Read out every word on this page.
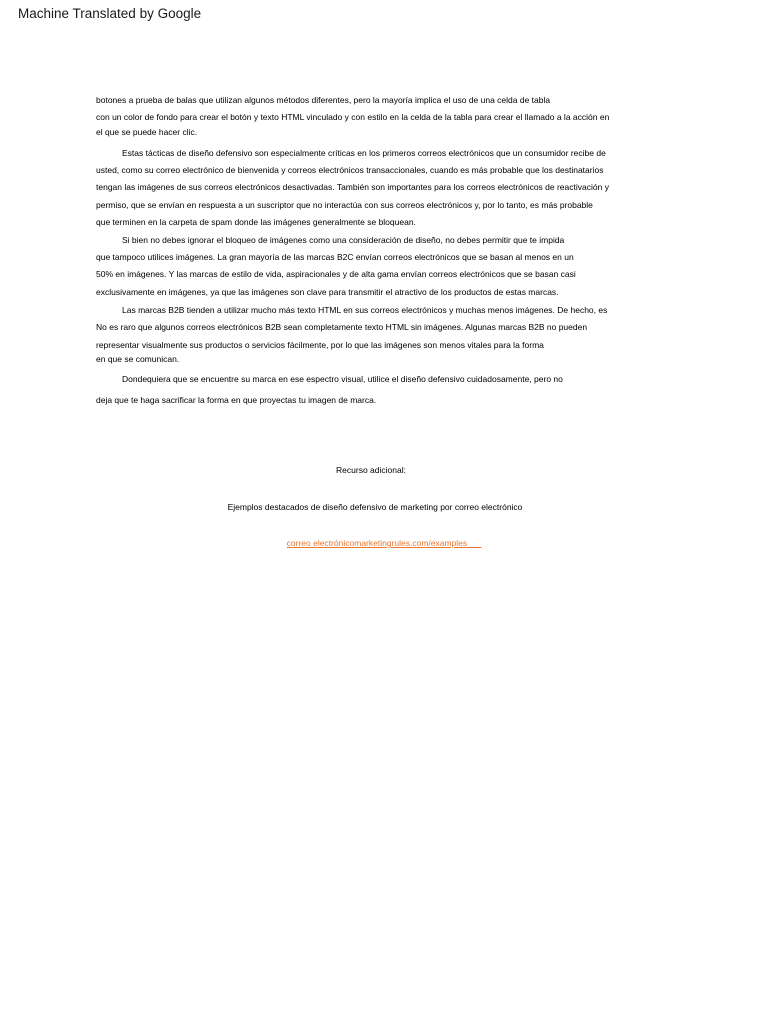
Machine Translated by Google
botones a prueba de balas que utilizan algunos métodos diferentes, pero la mayoría implica el uso de una celda de tabla
con un color de fondo para crear el botón y texto HTML vinculado y con estilo en la celda de la tabla para crear el llamado a la acción en
el que se puede hacer clic.
Estas tácticas de diseño defensivo son especialmente críticas en los primeros correos electrónicos que un consumidor recibe de
usted, como su correo electrónico de bienvenida y correos electrónicos transaccionales, cuando es más probable que los destinatarios
tengan las imágenes de sus correos electrónicos desactivadas. También son importantes para los correos electrónicos de reactivación y
permiso, que se envían en respuesta a un suscriptor que no interactúa con sus correos electrónicos y, por lo tanto, es más probable
que terminen en la carpeta de spam donde las imágenes generalmente se bloquean.
Si bien no debes ignorar el bloqueo de imágenes como una consideración de diseño, no debes permitir que te impida
que tampoco utilices imágenes. La gran mayoría de las marcas B2C envían correos electrónicos que se basan al menos en un
50% en imágenes. Y las marcas de estilo de vida, aspiracionales y de alta gama envían correos electrónicos que se basan casi
exclusivamente en imágenes, ya que las imágenes son clave para transmitir el atractivo de los productos de estas marcas.
Las marcas B2B tienden a utilizar mucho más texto HTML en sus correos electrónicos y muchas menos imágenes. De hecho, es
No es raro que algunos correos electrónicos B2B sean completamente texto HTML sin imágenes. Algunas marcas B2B no pueden
representar visualmente sus productos o servicios fácilmente, por lo que las imágenes son menos vitales para la forma
en que se comunican.
Dondequiera que se encuentre su marca en ese espectro visual, utilice el diseño defensivo cuidadosamente, pero no
deja que te haga sacrificar la forma en que proyectas tu imagen de marca.
Recurso adicional:
Ejemplos destacados de diseño defensivo de marketing por correo electrónico
correo electrónicomarketingrules.com/examples___
